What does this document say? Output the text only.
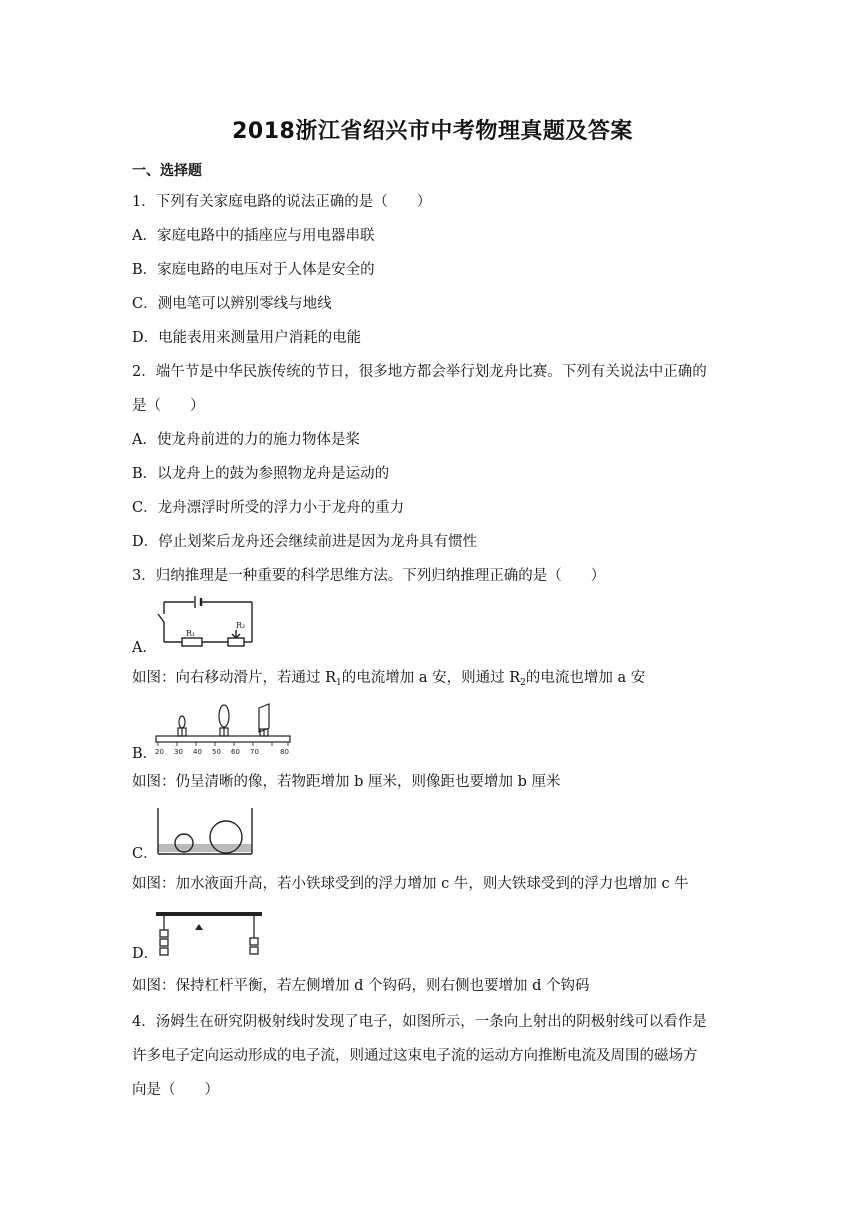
2018浙江省绍兴市中考物理真题及答案
一、选择题
1．下列有关家庭电路的说法正确的是（　　）
A．家庭电路中的插座应与用电器串联
B．家庭电路的电压对于人体是安全的
C．测电笔可以辨别零线与地线
D．电能表用来测量用户消耗的电能
2．端午节是中华民族传统的节日，很多地方都会举行划龙舟比赛。下列有关说法中正确的
是（　　）
A．使龙舟前进的力的施力物体是桨
B．以龙舟上的鼓为参照物龙舟是运动的
C．龙舟漂浮时所受的浮力小于龙舟的重力
D．停止划桨后龙舟还会继续前进是因为龙舟具有惯性
3．归纳推理是一种重要的科学思维方法。下列归纳推理正确的是（　　）
R₁
R₂
A．
如图：向右移动滑片，若通过 $R_1$的电流增加 a 安，则通过 $R_2$的电流也增加 a 安
20 30 40 50 60 70	80
B．
如图：仍呈清晰的像，若物距增加 b 厘米，则像距也要增加 b 厘米
C．
如图：加水液面升高，若小铁球受到的浮力增加 c 牛，则大铁球受到的浮力也增加 c 牛
D．
如图：保持杠杆平衡，若左侧增加 d 个钩码，则右侧也要增加 d 个钩码
4．汤姆生在研究阴极射线时发现了电子，如图所示，一条向上射出的阴极射线可以看作是
许多电子定向运动形成的电子流，则通过这束电子流的运动方向推断电流及周围的磁场方
向是（　　）
